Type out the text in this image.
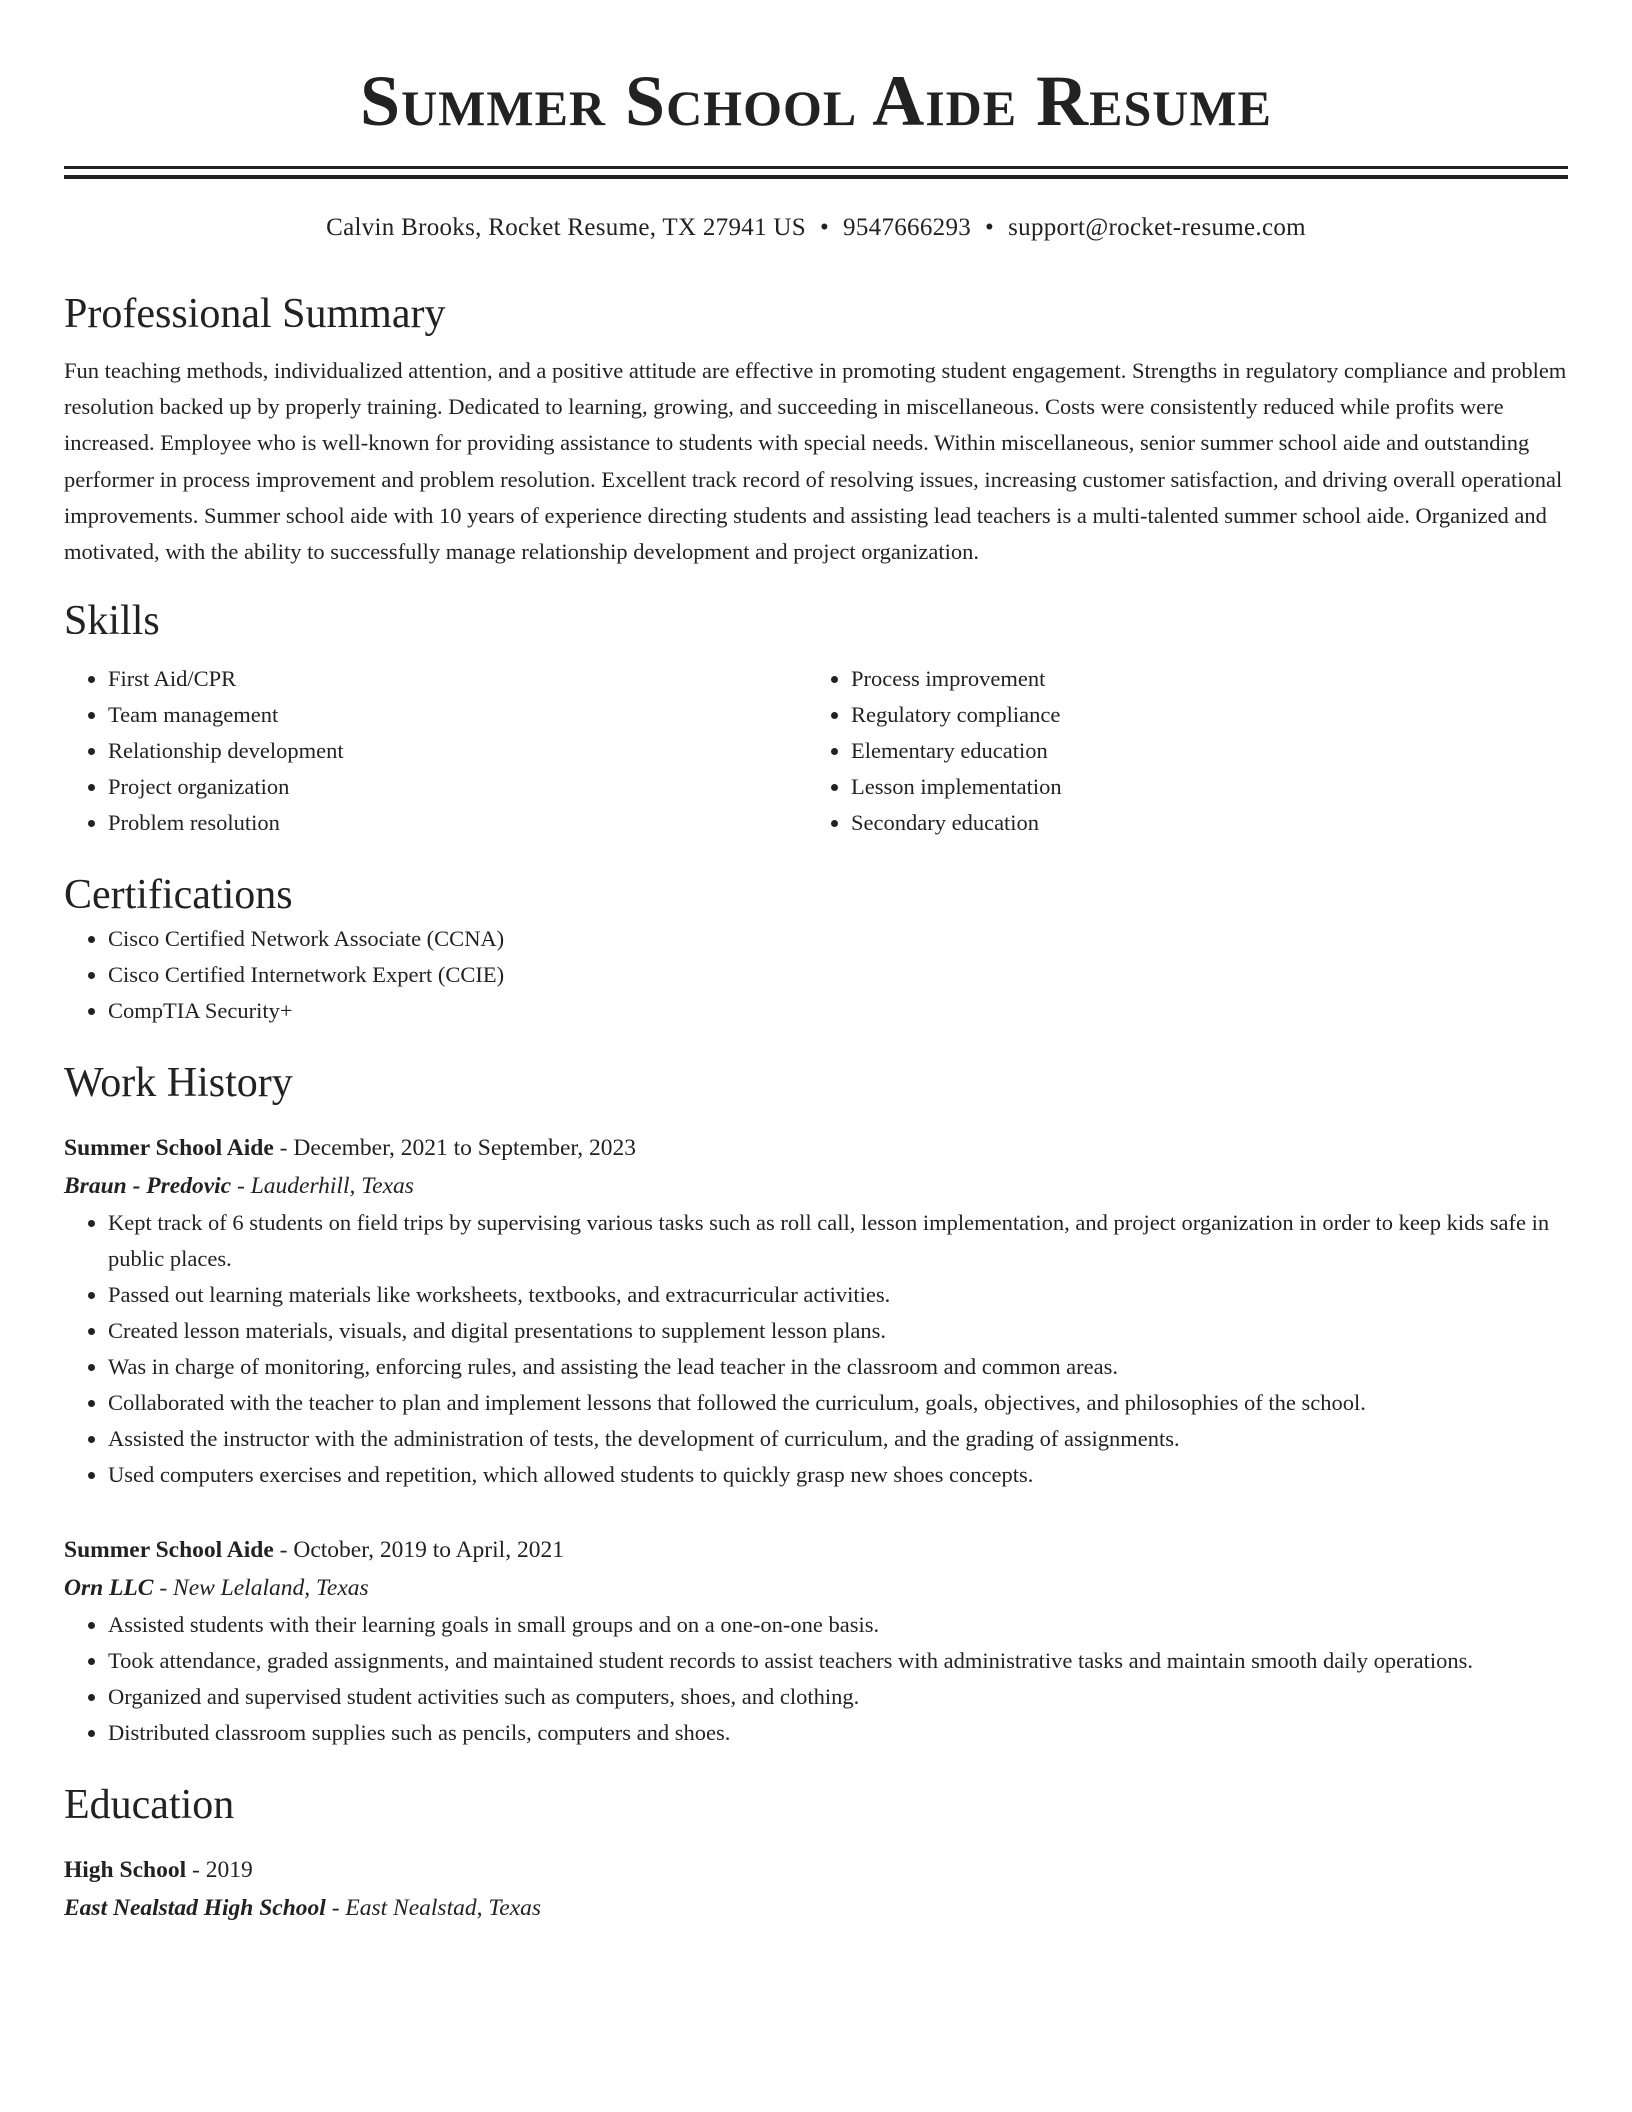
Summer School Aide Resume
Calvin Brooks, Rocket Resume, TX 27941 US • 9547666293 • support@rocket-resume.com
Professional Summary

Fun teaching methods, individualized attention, and a positive attitude are effective in promoting student engagement. Strengths in regulatory compliance and problem resolution backed up by properly training. Dedicated to learning, growing, and succeeding in miscellaneous. Costs were consistently reduced while profits were increased. Employee who is well-known for providing assistance to students with special needs. Within miscellaneous, senior summer school aide and outstanding performer in process improvement and problem resolution. Excellent track record of resolving issues, increasing customer satisfaction, and driving overall operational improvements. Summer school aide with 10 years of experience directing students and assisting lead teachers is a multi-talented summer school aide. Organized and motivated, with the ability to successfully manage relationship development and project organization.

Skills
• First Aid/CPR
• Team management
• Relationship development
• Project organization
• Problem resolution
• Process improvement
• Regulatory compliance
• Elementary education
• Lesson implementation
• Secondary education
Certifications
• Cisco Certified Network Associate (CCNA)
• Cisco Certified Internetwork Expert (CCIE)
• CompTIA Security+
Work History
Summer School Aide - December, 2021 to September, 2023
Braun - Predovic - Lauderhill, Texas
• Kept track of 6 students on field trips by supervising various tasks such as roll call, lesson implementation, and project organization in order to keep kids safe in public places.
• Passed out learning materials like worksheets, textbooks, and extracurricular activities.
• Created lesson materials, visuals, and digital presentations to supplement lesson plans.
• Was in charge of monitoring, enforcing rules, and assisting the lead teacher in the classroom and common areas.
• Collaborated with the teacher to plan and implement lessons that followed the curriculum, goals, objectives, and philosophies of the school.
• Assisted the instructor with the administration of tests, the development of curriculum, and the grading of assignments.
• Used computers exercises and repetition, which allowed students to quickly grasp new shoes concepts.
Summer School Aide - October, 2019 to April, 2021
Orn LLC - New Lelaland, Texas
• Assisted students with their learning goals in small groups and on a one-on-one basis.
• Took attendance, graded assignments, and maintained student records to assist teachers with administrative tasks and maintain smooth daily operations.
• Organized and supervised student activities such as computers, shoes, and clothing.
• Distributed classroom supplies such as pencils, computers and shoes.
Education
High School - 2019
East Nealstad High School - East Nealstad, Texas
